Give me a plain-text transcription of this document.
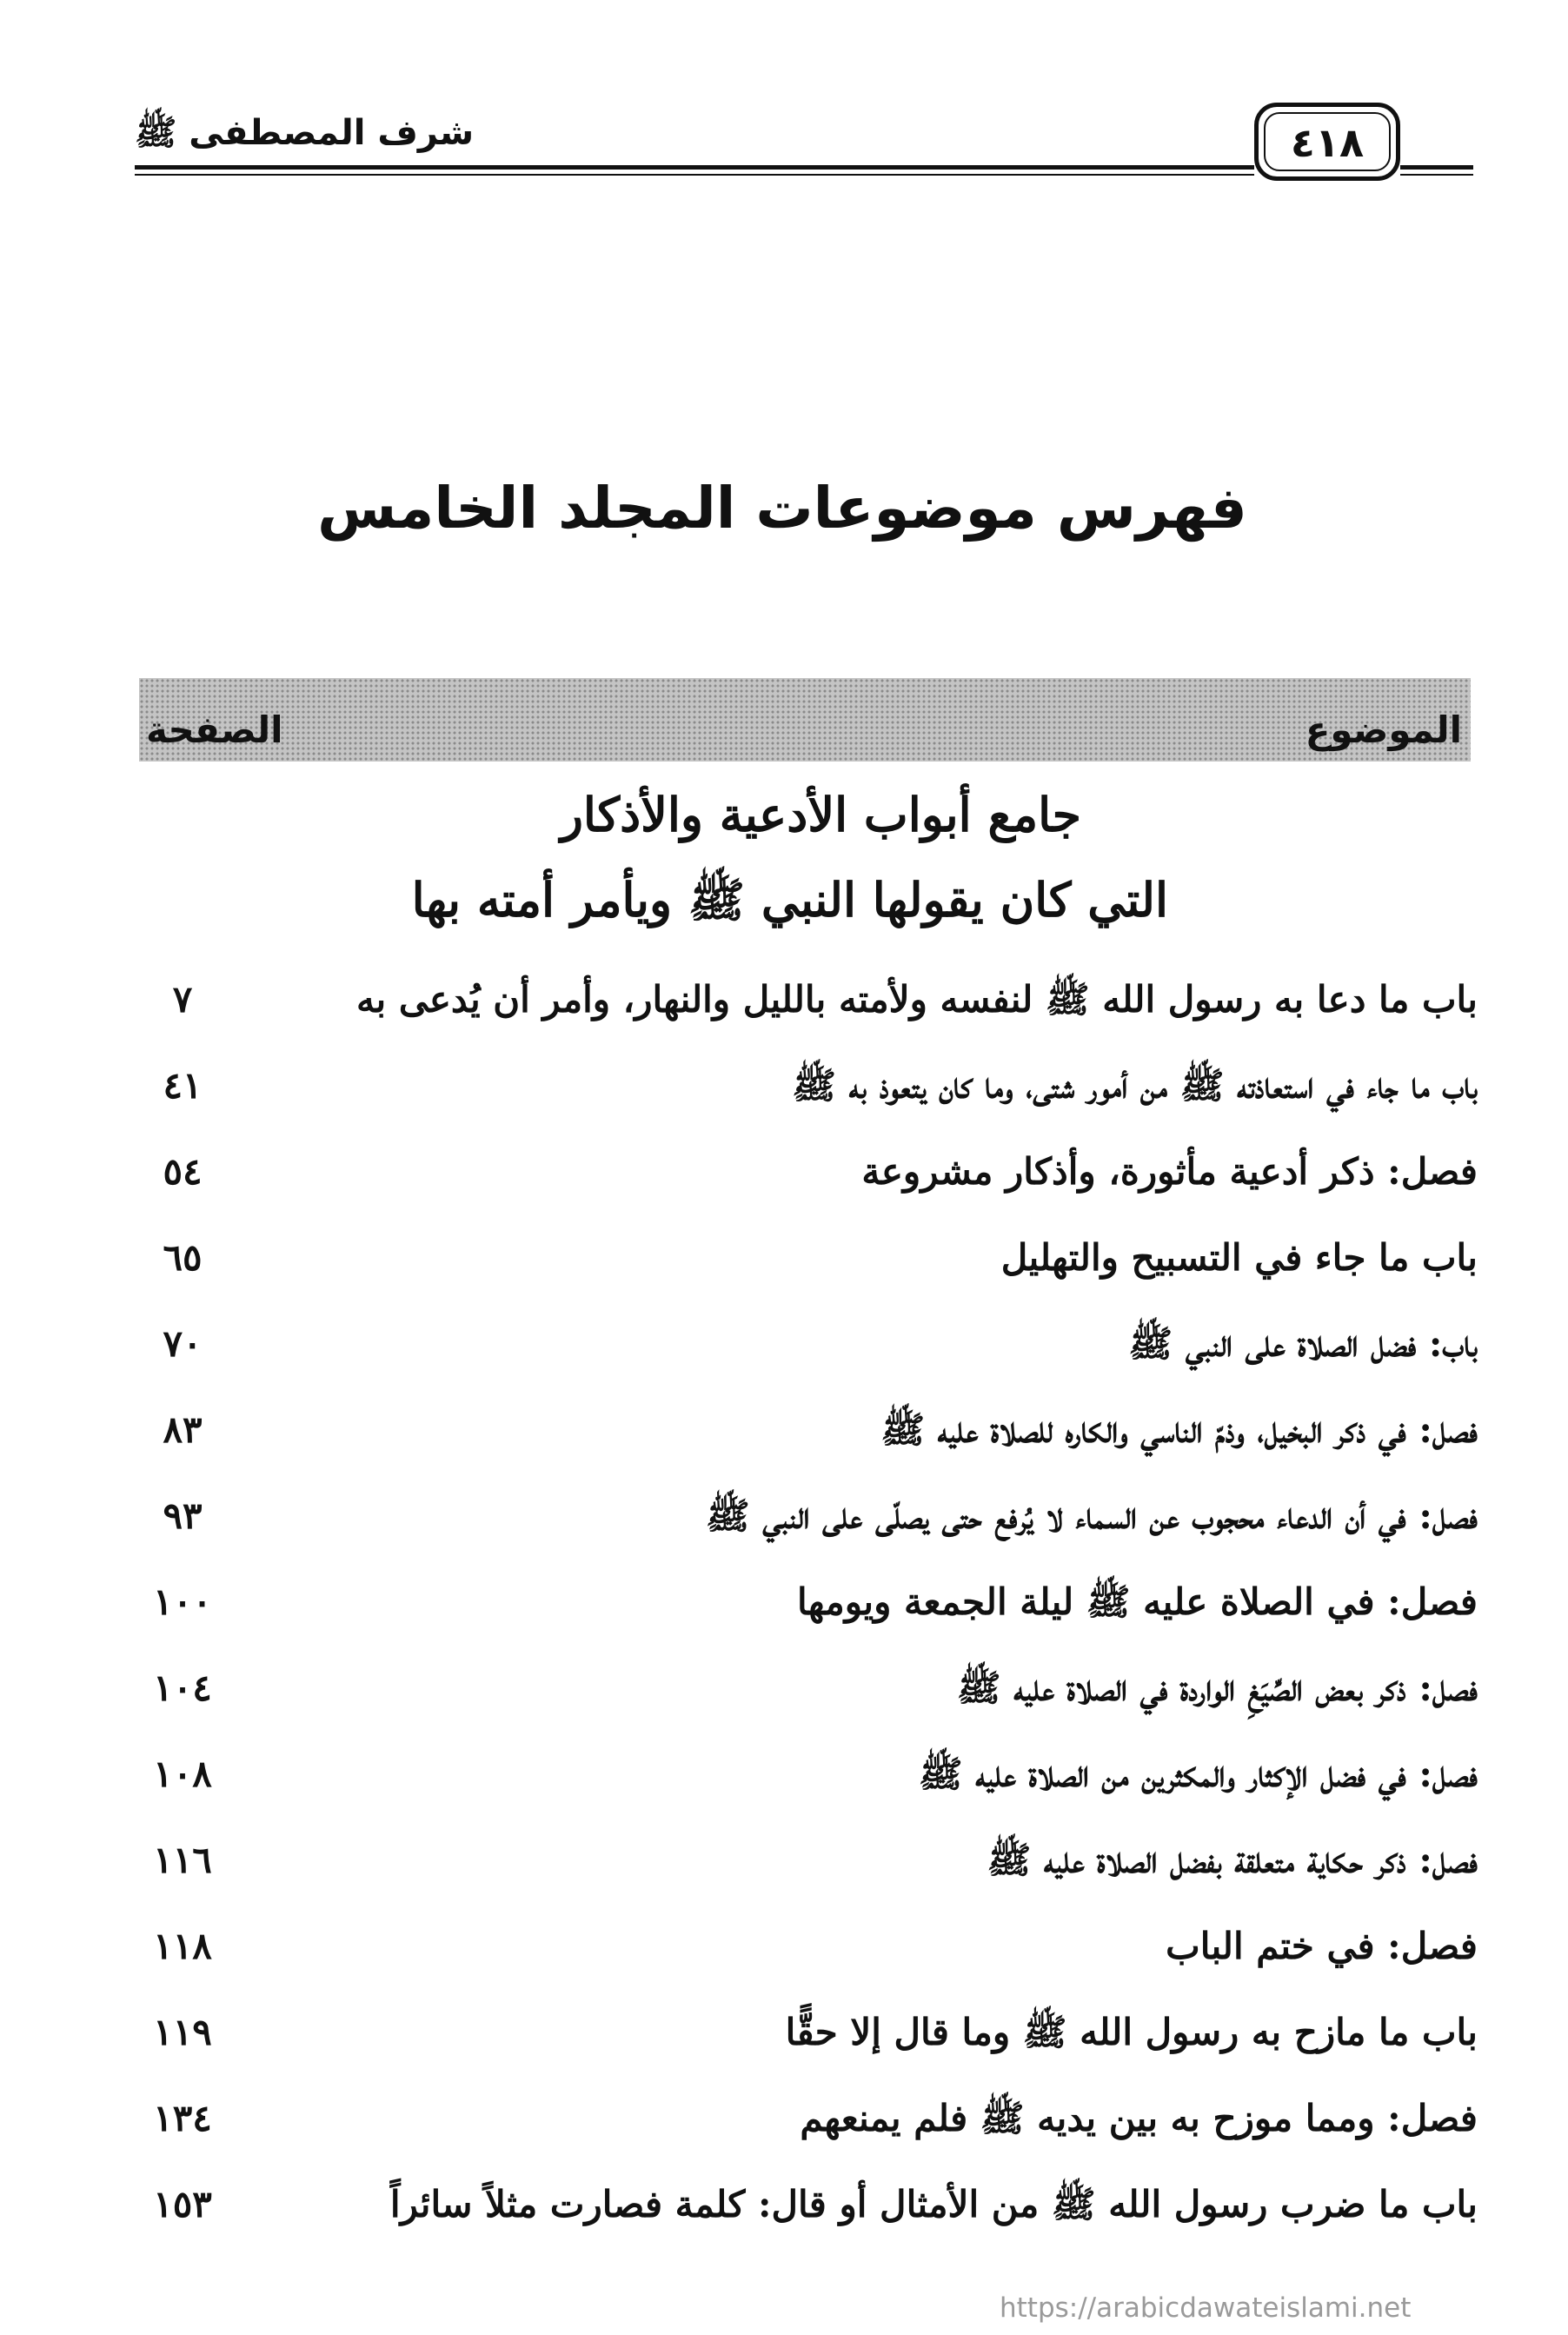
شرف المصطفى ﷺ	٤١٨
فهرس موضوعات المجلد الخامس
الموضوع
الصفحة
جامع أبواب الأدعية والأذكار
التي كان يقولها النبي ﷺ ويأمر أمته بها
باب ما دعا به رسول الله ﷺ لنفسه ولأمته بالليل والنهار، وأمر أن يُدعى به
٧
باب ما جاء في استعاذته ﷺ من أمور شتى، وما كان يتعوذ به ﷺ
٤١
فصل: ذكر أدعية مأثورة، وأذكار مشروعة
٥٤
باب ما جاء في التسبيح والتهليل
٦٥
باب: فضل الصلاة على النبي ﷺ
٧٠
فصل: في ذكر البخيل، وذمّ الناسي والكاره للصلاة عليه ﷺ
٨٣
فصل: في أن الدعاء محجوب عن السماء لا يُرفع حتى يصلّى على النبي ﷺ
٩٣
فصل: في الصلاة عليه ﷺ ليلة الجمعة ويومها
١٠٠
فصل: ذكر بعض الصِّيَغِ الواردة في الصلاة عليه ﷺ
١٠٤
فصل: في فضل الإكثار والمكثرين من الصلاة عليه ﷺ
١٠٨
فصل: ذكر حكاية متعلقة بفضل الصلاة عليه ﷺ
١١٦
فصل: في ختم الباب
١١٨
باب ما مازح به رسول الله ﷺ وما قال إلا حقًّا
١١٩
فصل: ومما موزح به بين يديه ﷺ فلم يمنعهم
١٣٤
باب ما ضرب رسول الله ﷺ من الأمثال أو قال: كلمة فصارت مثلاً سائراً
١٥٣
https://arabicdawateislami.net
